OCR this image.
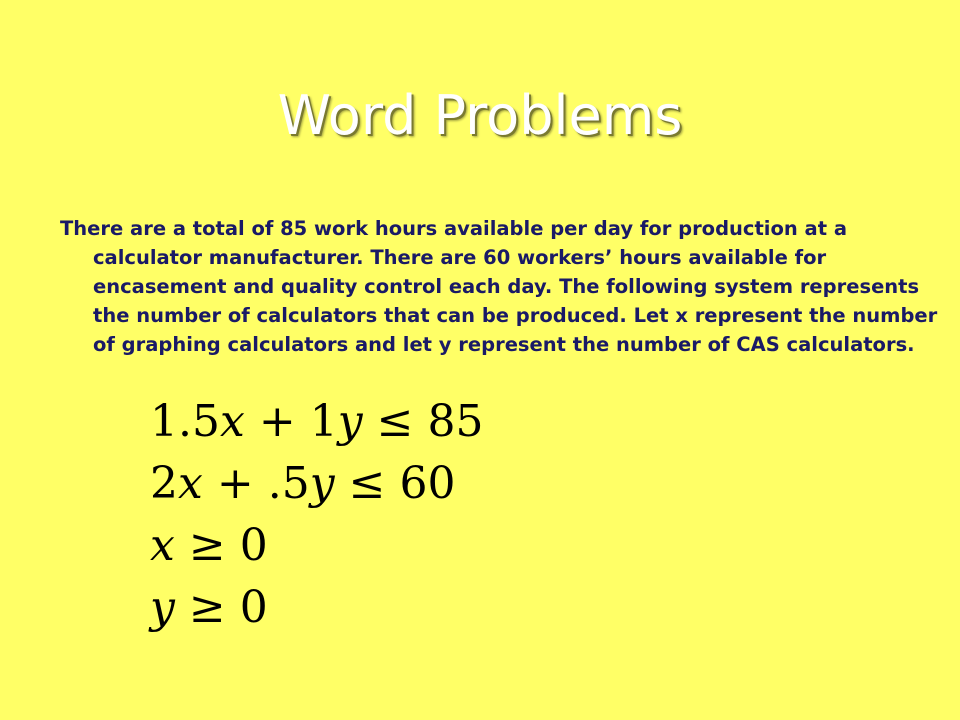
Word Problems
There are a total of 85 work hours available per day for production at a calculator manufacturer. There are 60 workers’ hours available for encasement and quality control each day. The following system represents the number of calculators that can be produced. Let x represent the number of graphing calculators and let y represent the number of CAS calculators.
1.5x + 1y ≤ 85
2x + .5y ≤ 60
x ≥ 0
y ≥ 0
